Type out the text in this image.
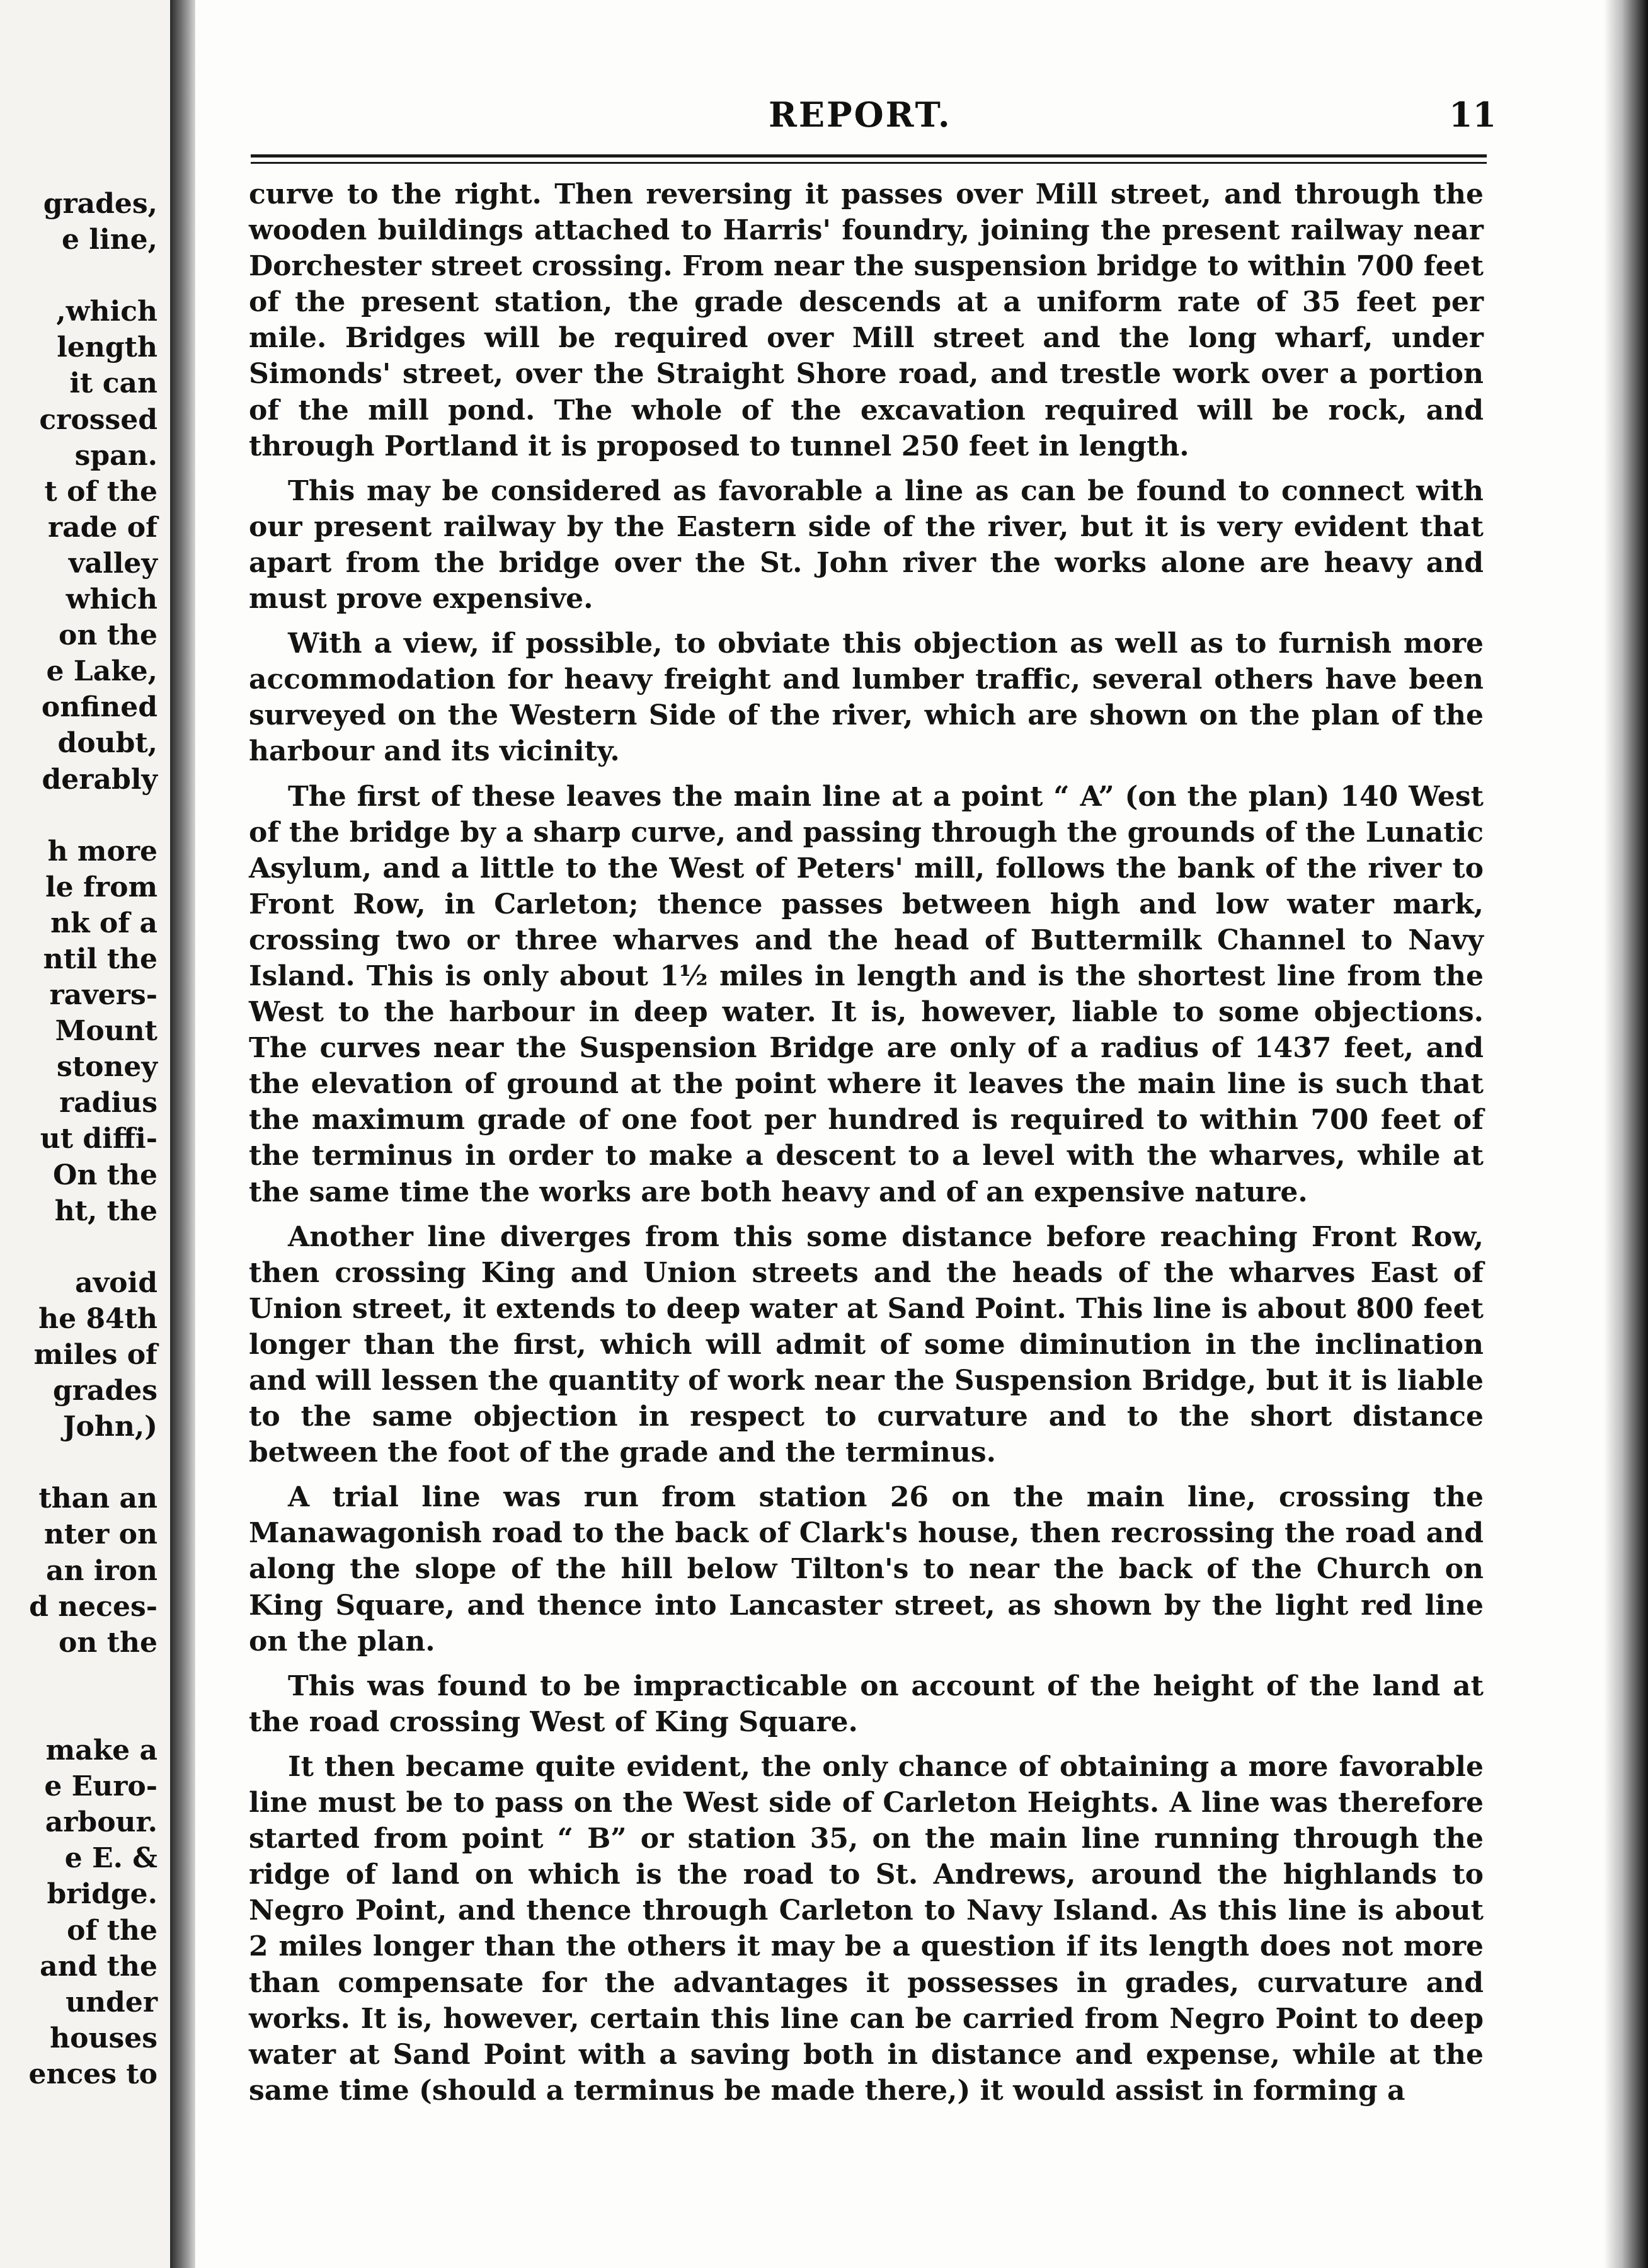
grades,
e line,
,which
length
it can
crossed
span.
t of the
rade of
valley
which
on the
e Lake,
onfined
doubt,
derably
h more
le from
nk of a
ntil the
ravers-
Mount
stoney
radius
ut diffi-
On the
ht, the
avoid
he 84th
miles of
grades
John,)
than an
nter on
an iron
d neces-
on the
make a
e Euro-
arbour.
e E. &
bridge.
of the
and the
under
houses
ences to
REPORT.	11

curve to the right. Then reversing it passes over Mill street, and through the wooden buildings attached to Harris' foundry, joining the present railway near Dorchester street crossing. From near the suspension bridge to within 700 feet of the present station, the grade descends at a uniform rate of 35 feet per mile. Bridges will be required over Mill street and the long wharf, under Simonds' street, over the Straight Shore road, and trestle work over a portion of the mill pond. The whole of the excavation required will be rock, and through Portland it is proposed to tunnel 250 feet in length.

This may be considered as favorable a line as can be found to connect with our present railway by the Eastern side of the river, but it is very evident that apart from the bridge over the St. John river the works alone are heavy and must prove expensive.

With a view, if possible, to obviate this objection as well as to furnish more accommodation for heavy freight and lumber traffic, several others have been surveyed on the Western Side of the river, which are shown on the plan of the harbour and its vicinity.

The first of these leaves the main line at a point “ A” (on the plan) 140 West of the bridge by a sharp curve, and passing through the grounds of the Lunatic Asylum, and a little to the West of Peters' mill, follows the bank of the river to Front Row, in Carleton; thence passes between high and low water mark, crossing two or three wharves and the head of Buttermilk Channel to Navy Island. This is only about 1½ miles in length and is the shortest line from the West to the harbour in deep water. It is, however, liable to some objections. The curves near the Suspension Bridge are only of a radius of 1437 feet, and the elevation of ground at the point where it leaves the main line is such that the maximum grade of one foot per hundred is required to within 700 feet of the terminus in order to make a descent to a level with the wharves, while at the same time the works are both heavy and of an expensive nature.

Another line diverges from this some distance before reaching Front Row, then crossing King and Union streets and the heads of the wharves East of Union street, it extends to deep water at Sand Point. This line is about 800 feet longer than the first, which will admit of some diminution in the inclination and will lessen the quantity of work near the Suspension Bridge, but it is liable to the same objection in respect to curvature and to the short distance between the foot of the grade and the terminus.

A trial line was run from station 26 on the main line, crossing the Manawagonish road to the back of Clark's house, then recrossing the road and along the slope of the hill below Tilton's to near the back of the Church on King Square, and thence into Lancaster street, as shown by the light red line on the plan.

This was found to be impracticable on account of the height of the land at the road crossing West of King Square.

It then became quite evident, the only chance of obtaining a more favorable line must be to pass on the West side of Carleton Heights. A line was therefore started from point “ B” or station 35, on the main line running through the ridge of land on which is the road to St. Andrews, around the highlands to Negro Point, and thence through Carleton to Navy Island. As this line is about 2 miles longer than the others it may be a question if its length does not more than compensate for the advantages it possesses in grades, curvature and works. It is, however, certain this line can be carried from Negro Point to deep water at Sand Point with a saving both in distance and expense, while at the same time (should a terminus be made there,) it would assist in forming a
